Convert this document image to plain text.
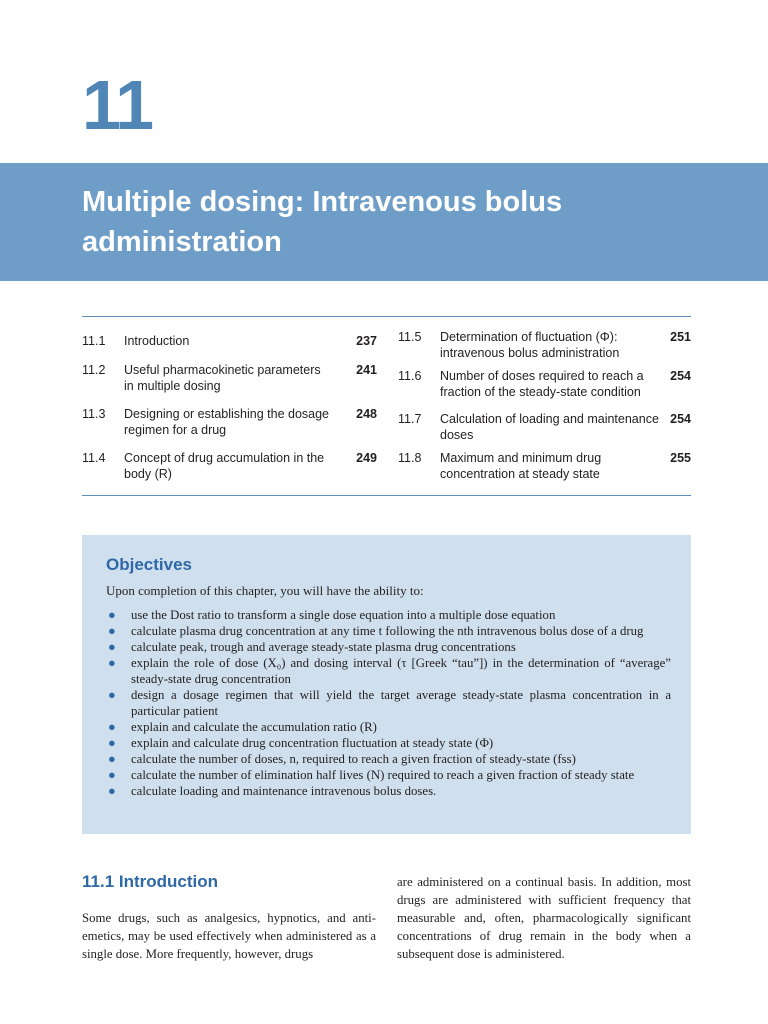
11
Multiple dosing: Intravenous bolus administration
11.1 Introduction	237
11.2 Useful pharmacokinetic parameters in multiple dosing
241
11.3 Designing or establishing the dosage regimen for a drug
248
11.4 Concept of drug accumulation in the body (R)
249
11.5 Determination of fluctuation (Φ): intravenous bolus administration
251
11.6 Number of doses required to reach a fraction of the steady-state condition
254
11.7 Calculation of loading and maintenance doses
254
11.8 Maximum and minimum drug concentration at steady state
255
Objectives
Upon completion of this chapter, you will have the ability to:
● use the Dost ratio to transform a single dose equation into a multiple dose equation
● calculate plasma drug concentration at any time t following the nth intravenous bolus dose of a drug
● calculate peak, trough and average steady-state plasma drug concentrations
● explain the role of dose (X₀) and dosing interval (τ [Greek “tau”]) in the determination of “average” steady-state drug concentration
● design a dosage regimen that will yield the target average steady-state plasma concentration in a particular patient
● explain and calculate the accumulation ratio (R)
● explain and calculate drug concentration fluctuation at steady state (Φ)
● calculate the number of doses, n, required to reach a given fraction of steady-state (fss)
● calculate the number of elimination half lives (N) required to reach a given fraction of steady state
● calculate loading and maintenance intravenous bolus doses.
11.1 Introduction

Some drugs, such as analgesics, hypnotics, and anti-emetics, may be used effectively when administered as a single dose. More frequently, however, drugs

are administered on a continual basis. In addition, most drugs are administered with sufficient frequency that measurable and, often, pharmacologically significant concentrations of drug remain in the body when a subsequent dose is administered.
